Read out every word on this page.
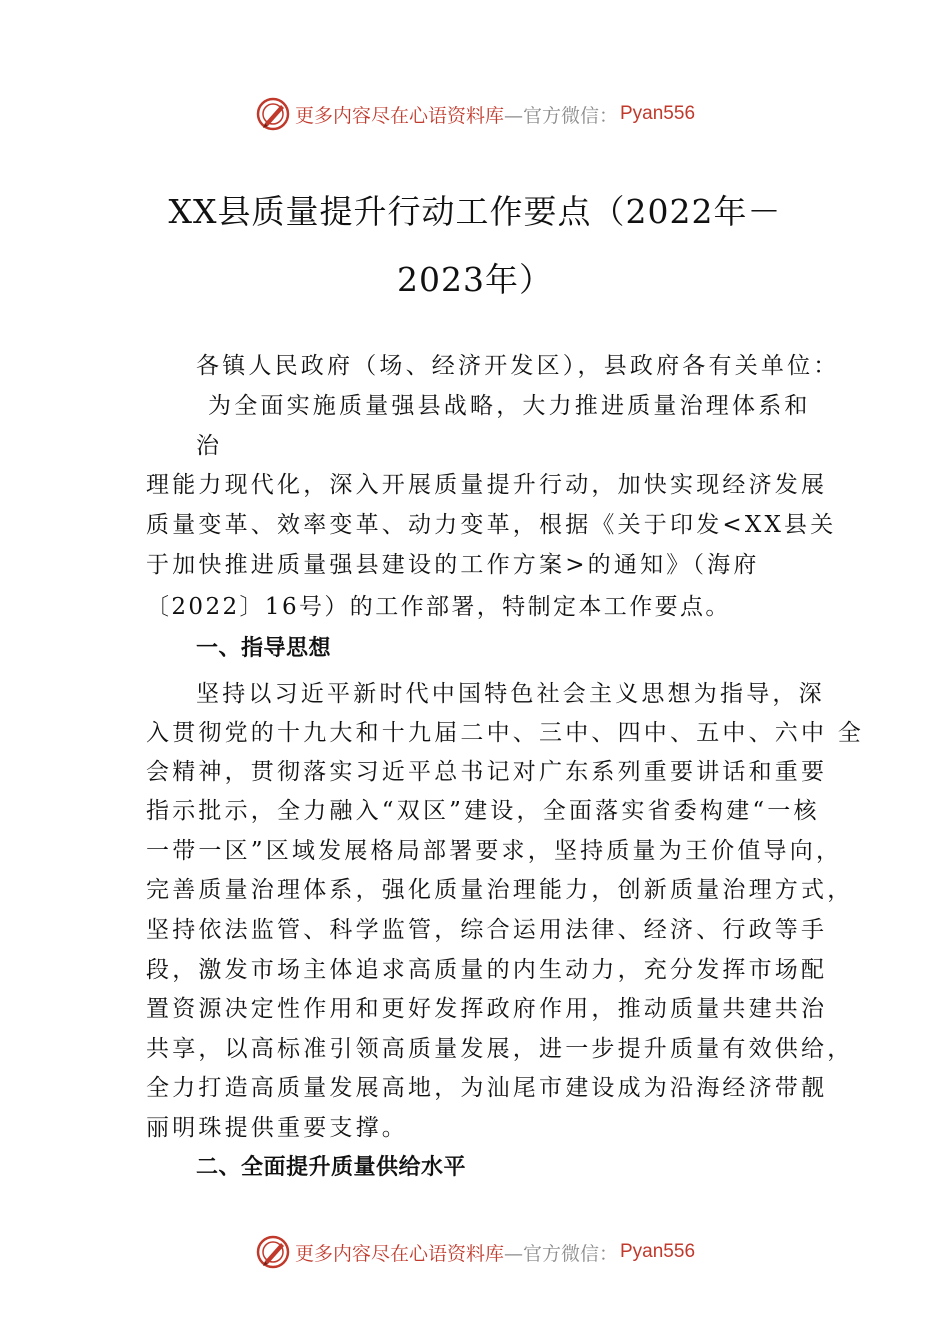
更多内容尽在心语资料库 —官方微信： Pyan556
XX县质量提升行动工作要点（2022年－
2023年）
各镇人民政府（场、经济开发区），县政府各有关单位：
为全面实施质量强县战略，大力推进质量治理体系和
治
理能力现代化，深入开展质量提升行动，加快实现经济发展
质量变革、效率变革、动力变革，根据《关于印发<XX县关
于加快推进质量强县建设的工作方案>的通知》（海府
〔2022〕16号）的工作部署，特制定本工作要点。
一、指导思想
坚持以习近平新时代中国特色社会主义思想为指导，深
入贯彻党的十九大和十九届二中、三中、四中、五中、六中 全
会精神，贯彻落实习近平总书记对广东系列重要讲话和重要
指示批示，全力融入“双区”建设，全面落实省委构建“一核
一带一区”区域发展格局部署要求，坚持质量为王价值导向，
完善质量治理体系，强化质量治理能力，创新质量治理方式，
坚持依法监管、科学监管，综合运用法律、经济、行政等手
段，激发市场主体追求高质量的内生动力，充分发挥市场配
置资源决定性作用和更好发挥政府作用，推动质量共建共治
共享，以高标准引领高质量发展，进一步提升质量有效供给，
全力打造高质量发展高地，为汕尾市建设成为沿海经济带靓
丽明珠提供重要支撑。
二、全面提升质量供给水平
更多内容尽在心语资料库 —官方微信： Pyan556
